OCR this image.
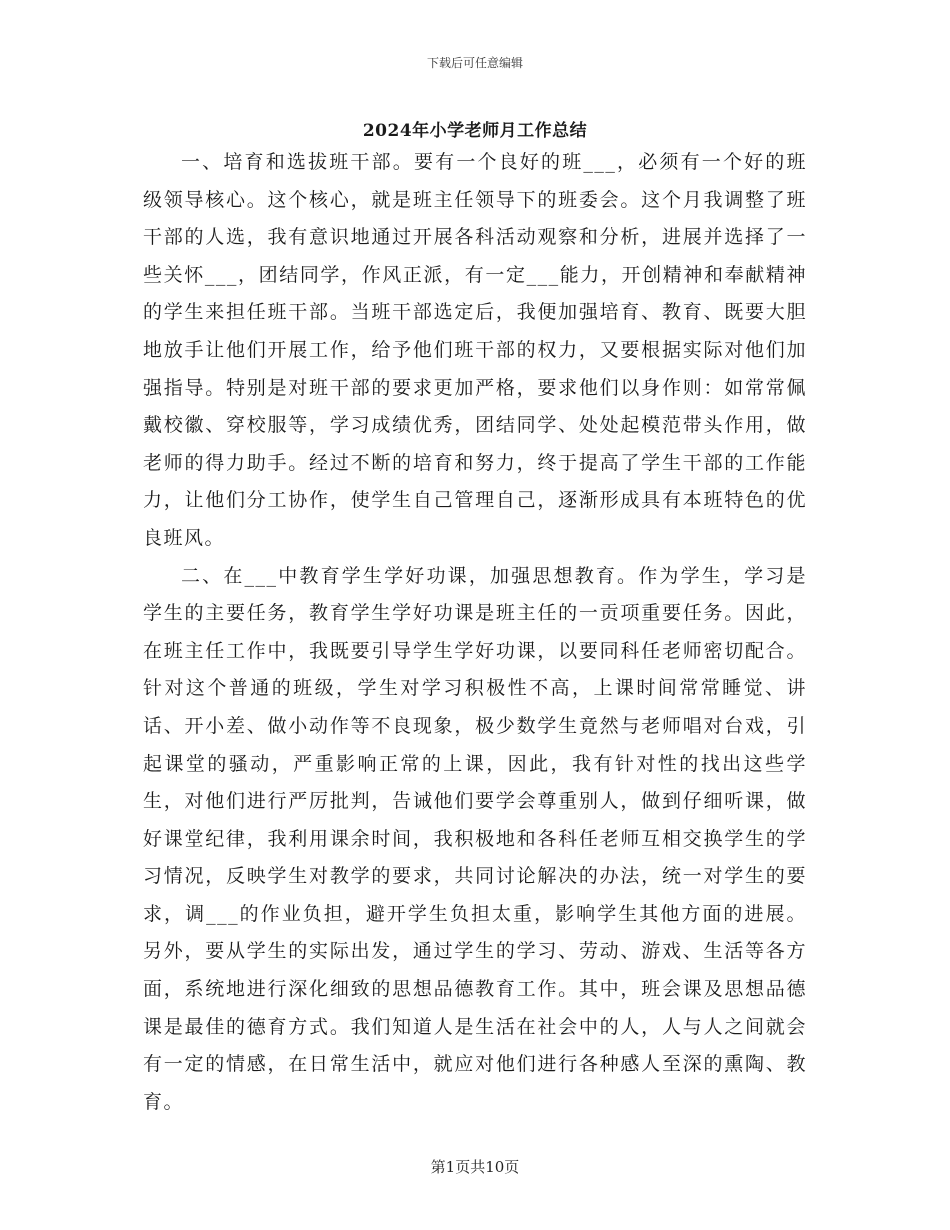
下载后可任意编辑
2024年小学老师月工作总结

一、培育和选拔班干部。要有一个良好的班___，必须有一个好的班级领导核心。这个核心，就是班主任领导下的班委会。这个月我调整了班干部的人选，我有意识地通过开展各科活动观察和分析，进展并选择了一些关怀___，团结同学，作风正派，有一定___能力，开创精神和奉献精神的学生来担任班干部。当班干部选定后，我便加强培育、教育、既要大胆地放手让他们开展工作，给予他们班干部的权力，又要根据实际对他们加强指导。特别是对班干部的要求更加严格，要求他们以身作则：如常常佩戴校徽、穿校服等，学习成绩优秀，团结同学、处处起模范带头作用，做老师的得力助手。经过不断的培育和努力，终于提高了学生干部的工作能力，让他们分工协作，使学生自己管理自己，逐渐形成具有本班特色的优良班风。

二、在___中教育学生学好功课，加强思想教育。作为学生，学习是学生的主要任务，教育学生学好功课是班主任的一贡项重要任务。因此，在班主任工作中，我既要引导学生学好功课，以要同科任老师密切配合。针对这个普通的班级，学生对学习积极性不高，上课时间常常睡觉、讲话、开小差、做小动作等不良现象，极少数学生竟然与老师唱对台戏，引起课堂的骚动，严重影响正常的上课，因此，我有针对性的找出这些学生，对他们进行严厉批判，告诫他们要学会尊重别人，做到仔细听课，做好课堂纪律，我利用课余时间，我积极地和各科任老师互相交换学生的学习情况，反映学生对教学的要求，共同讨论解决的办法，统一对学生的要求，调___的作业负担，避开学生负担太重，影响学生其他方面的进展。另外，要从学生的实际出发，通过学生的学习、劳动、游戏、生活等各方面，系统地进行深化细致的思想品德教育工作。其中，班会课及思想品德课是最佳的德育方式。我们知道人是生活在社会中的人，人与人之间就会有一定的情感，在日常生活中，就应对他们进行各种感人至深的熏陶、教育。

第1页共10页
